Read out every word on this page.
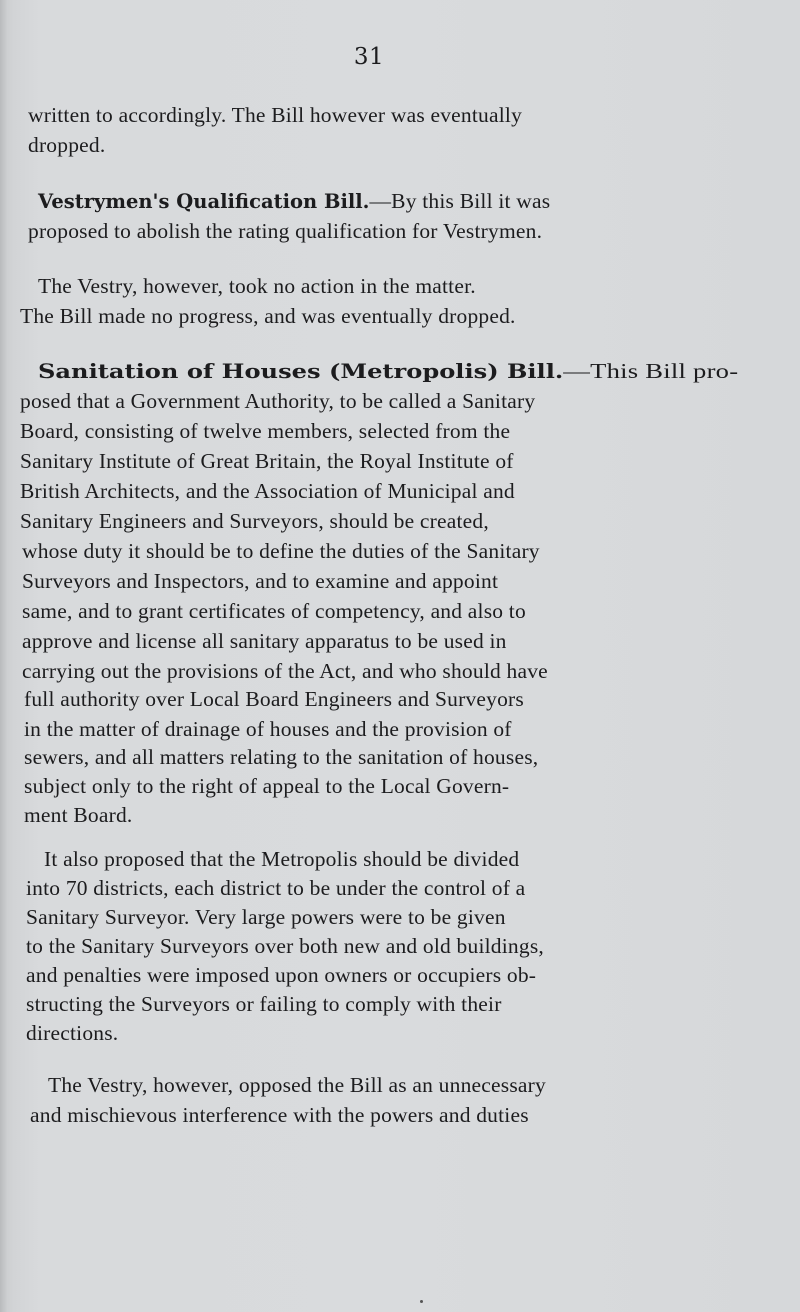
31
written to accordingly. The Bill however was eventually
dropped.
Vestrymen's Qualification Bill.—By this Bill it was
proposed to abolish the rating qualification for Vestrymen.
The Vestry, however, took no action in the matter.
The Bill made no progress, and was eventually dropped.
Sanitation of Houses (Metropolis) Bill.—This Bill pro-
posed that a Government Authority, to be called a Sanitary
Board, consisting of twelve members, selected from the
Sanitary Institute of Great Britain, the Royal Institute of
British Architects, and the Association of Municipal and
Sanitary Engineers and Surveyors, should be created,
whose duty it should be to define the duties of the Sanitary
Surveyors and Inspectors, and to examine and appoint
same, and to grant certificates of competency, and also to
approve and license all sanitary apparatus to be used in
carrying out the provisions of the Act, and who should have
full authority over Local Board Engineers and Surveyors
in the matter of drainage of houses and the provision of
sewers, and all matters relating to the sanitation of houses,
subject only to the right of appeal to the Local Govern-
ment Board.
It also proposed that the Metropolis should be divided
into 70 districts, each district to be under the control of a
Sanitary Surveyor. Very large powers were to be given
to the Sanitary Surveyors over both new and old buildings,
and penalties were imposed upon owners or occupiers ob-
structing the Surveyors or failing to comply with their
directions.
The Vestry, however, opposed the Bill as an unnecessary
and mischievous interference with the powers and duties
